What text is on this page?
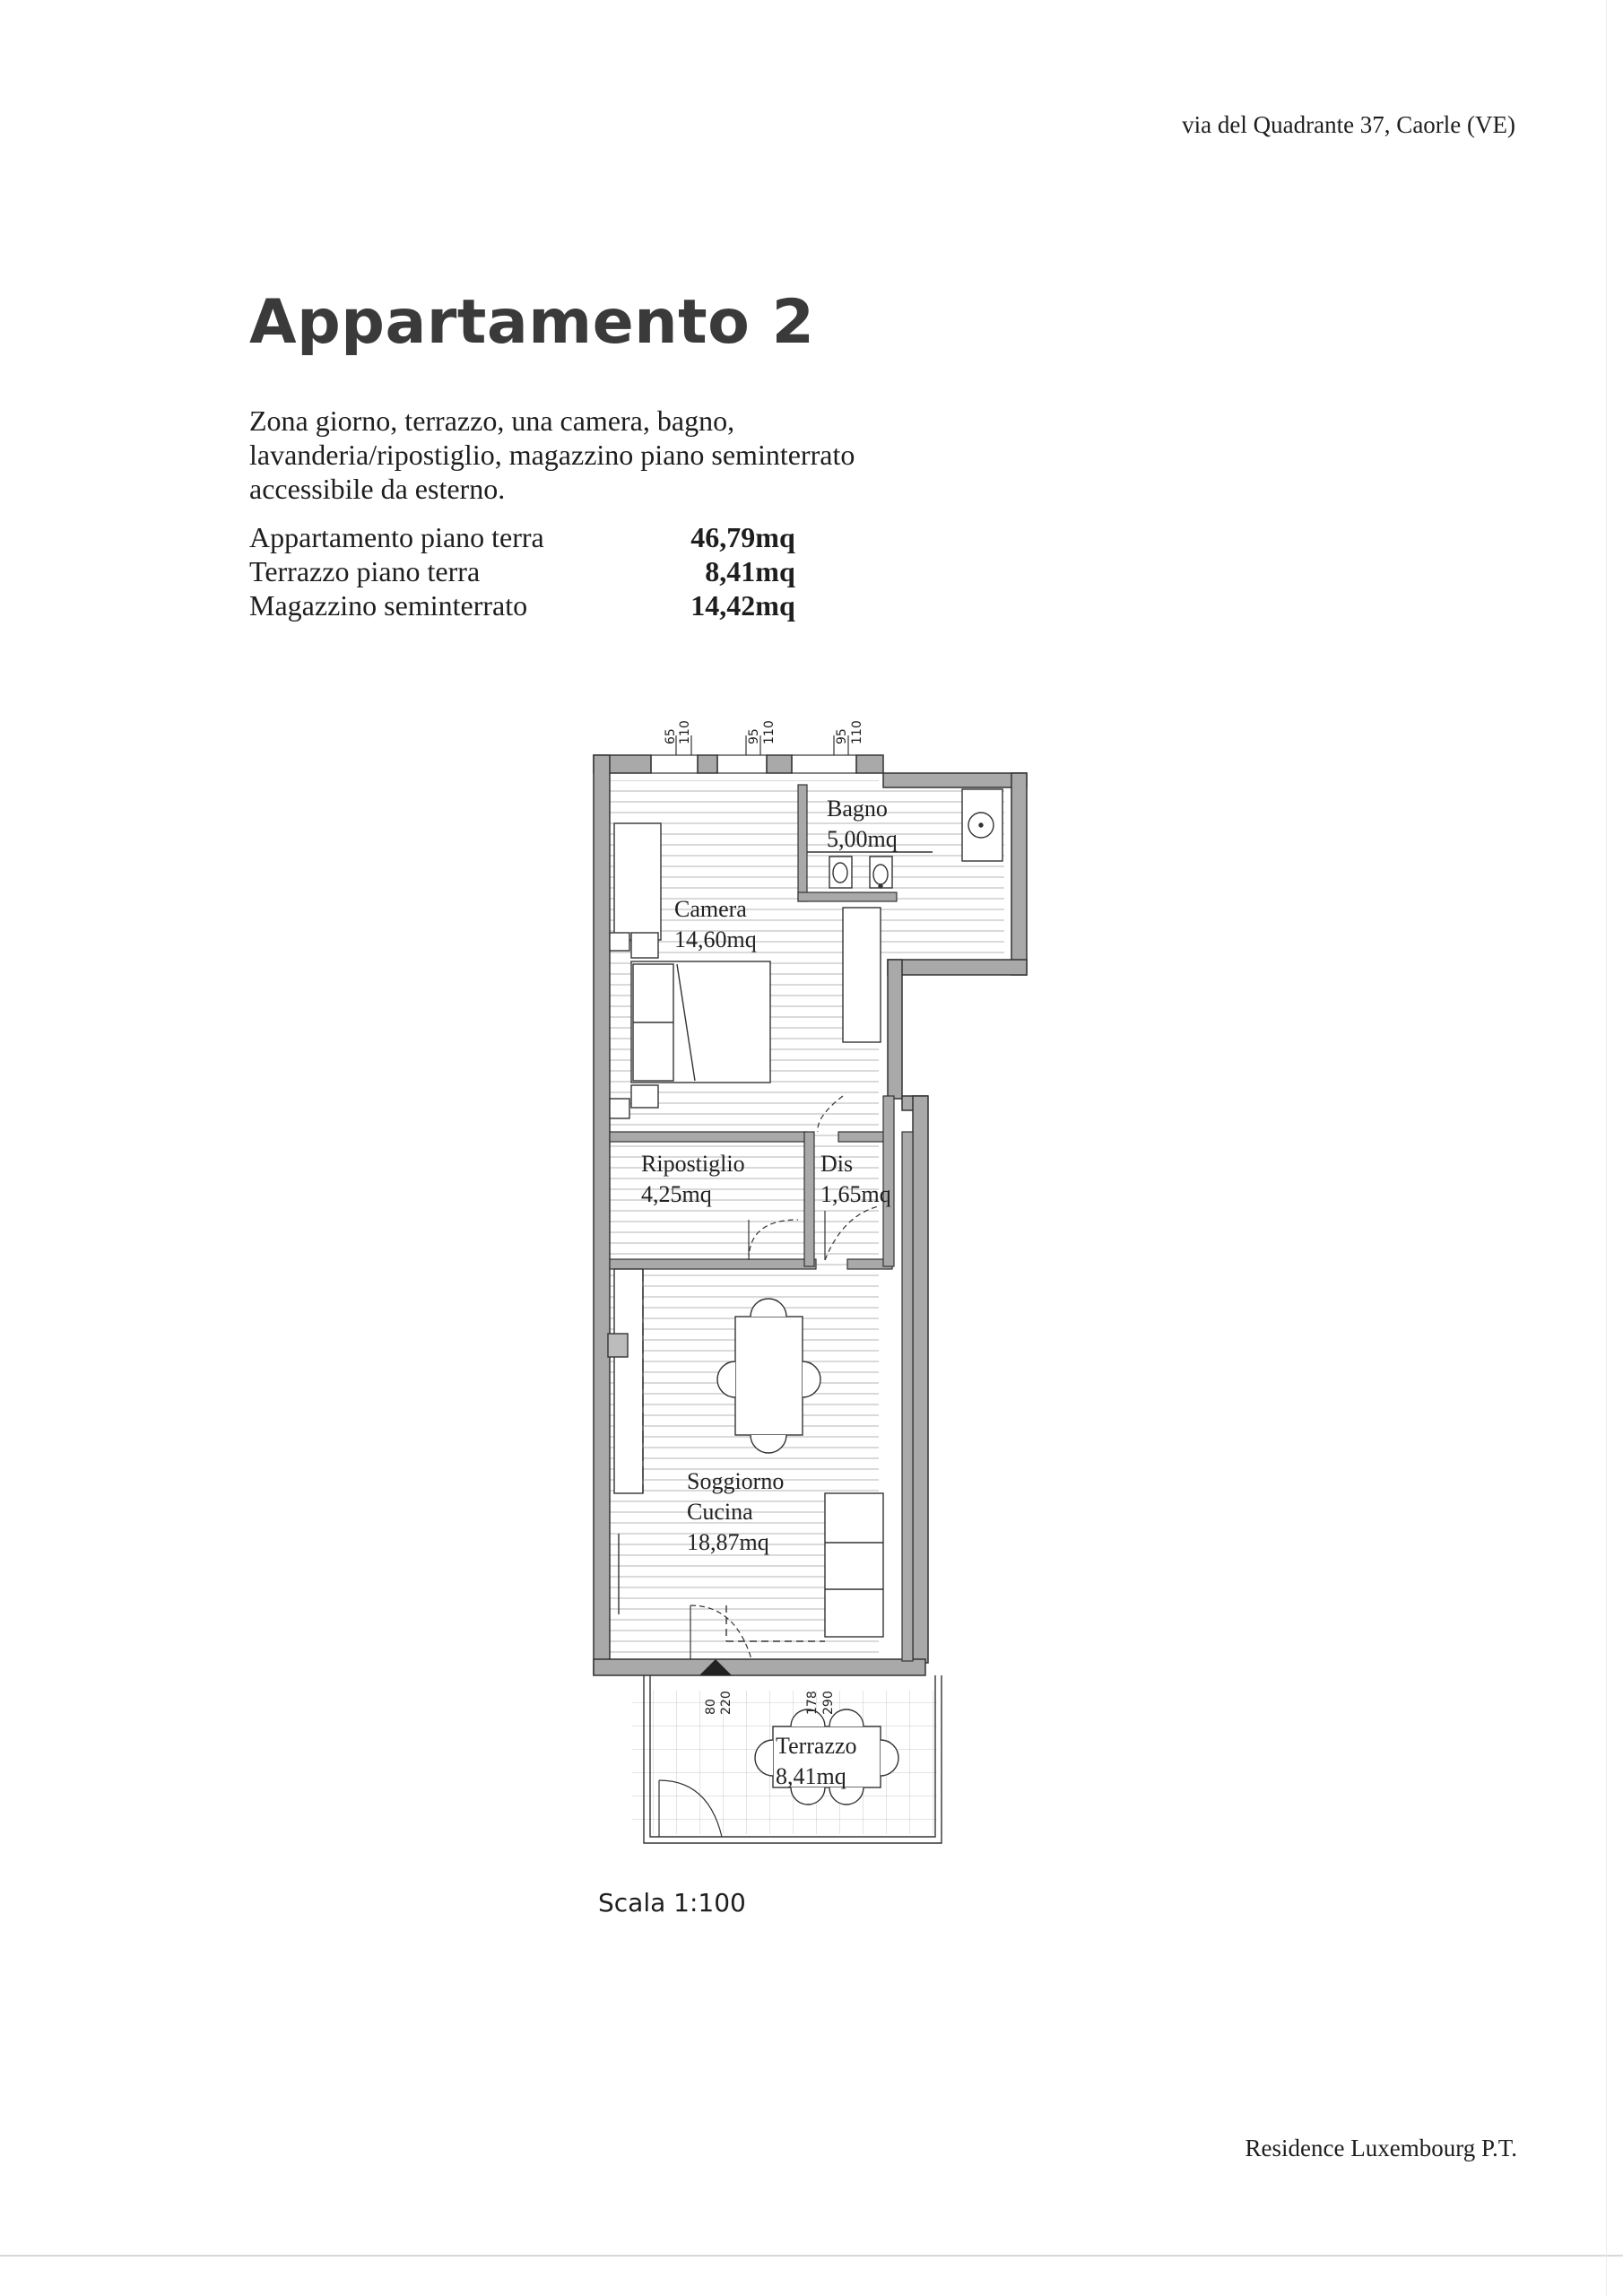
via del Quadrante 37, Caorle (VE)
Appartamento 2
Zona giorno, terrazzo, una camera, bagno, lavanderia/ripostiglio, magazzino piano seminterrato accessibile da esterno.
Appartamento piano terra	46,79mq
Terrazzo piano terra	8,41mq
Magazzino seminterrato	14,42mq
65 110	95 110	95 110
80 220	178 290
Bagno
5,00mq
Camera
14,60mq
Ripostiglio
4,25mq
Dis
1,65mq
Soggiorno
Cucina
18,87mq
Terrazzo
8,41mq
Scala 1:100
Residence Luxembourg P.T.
